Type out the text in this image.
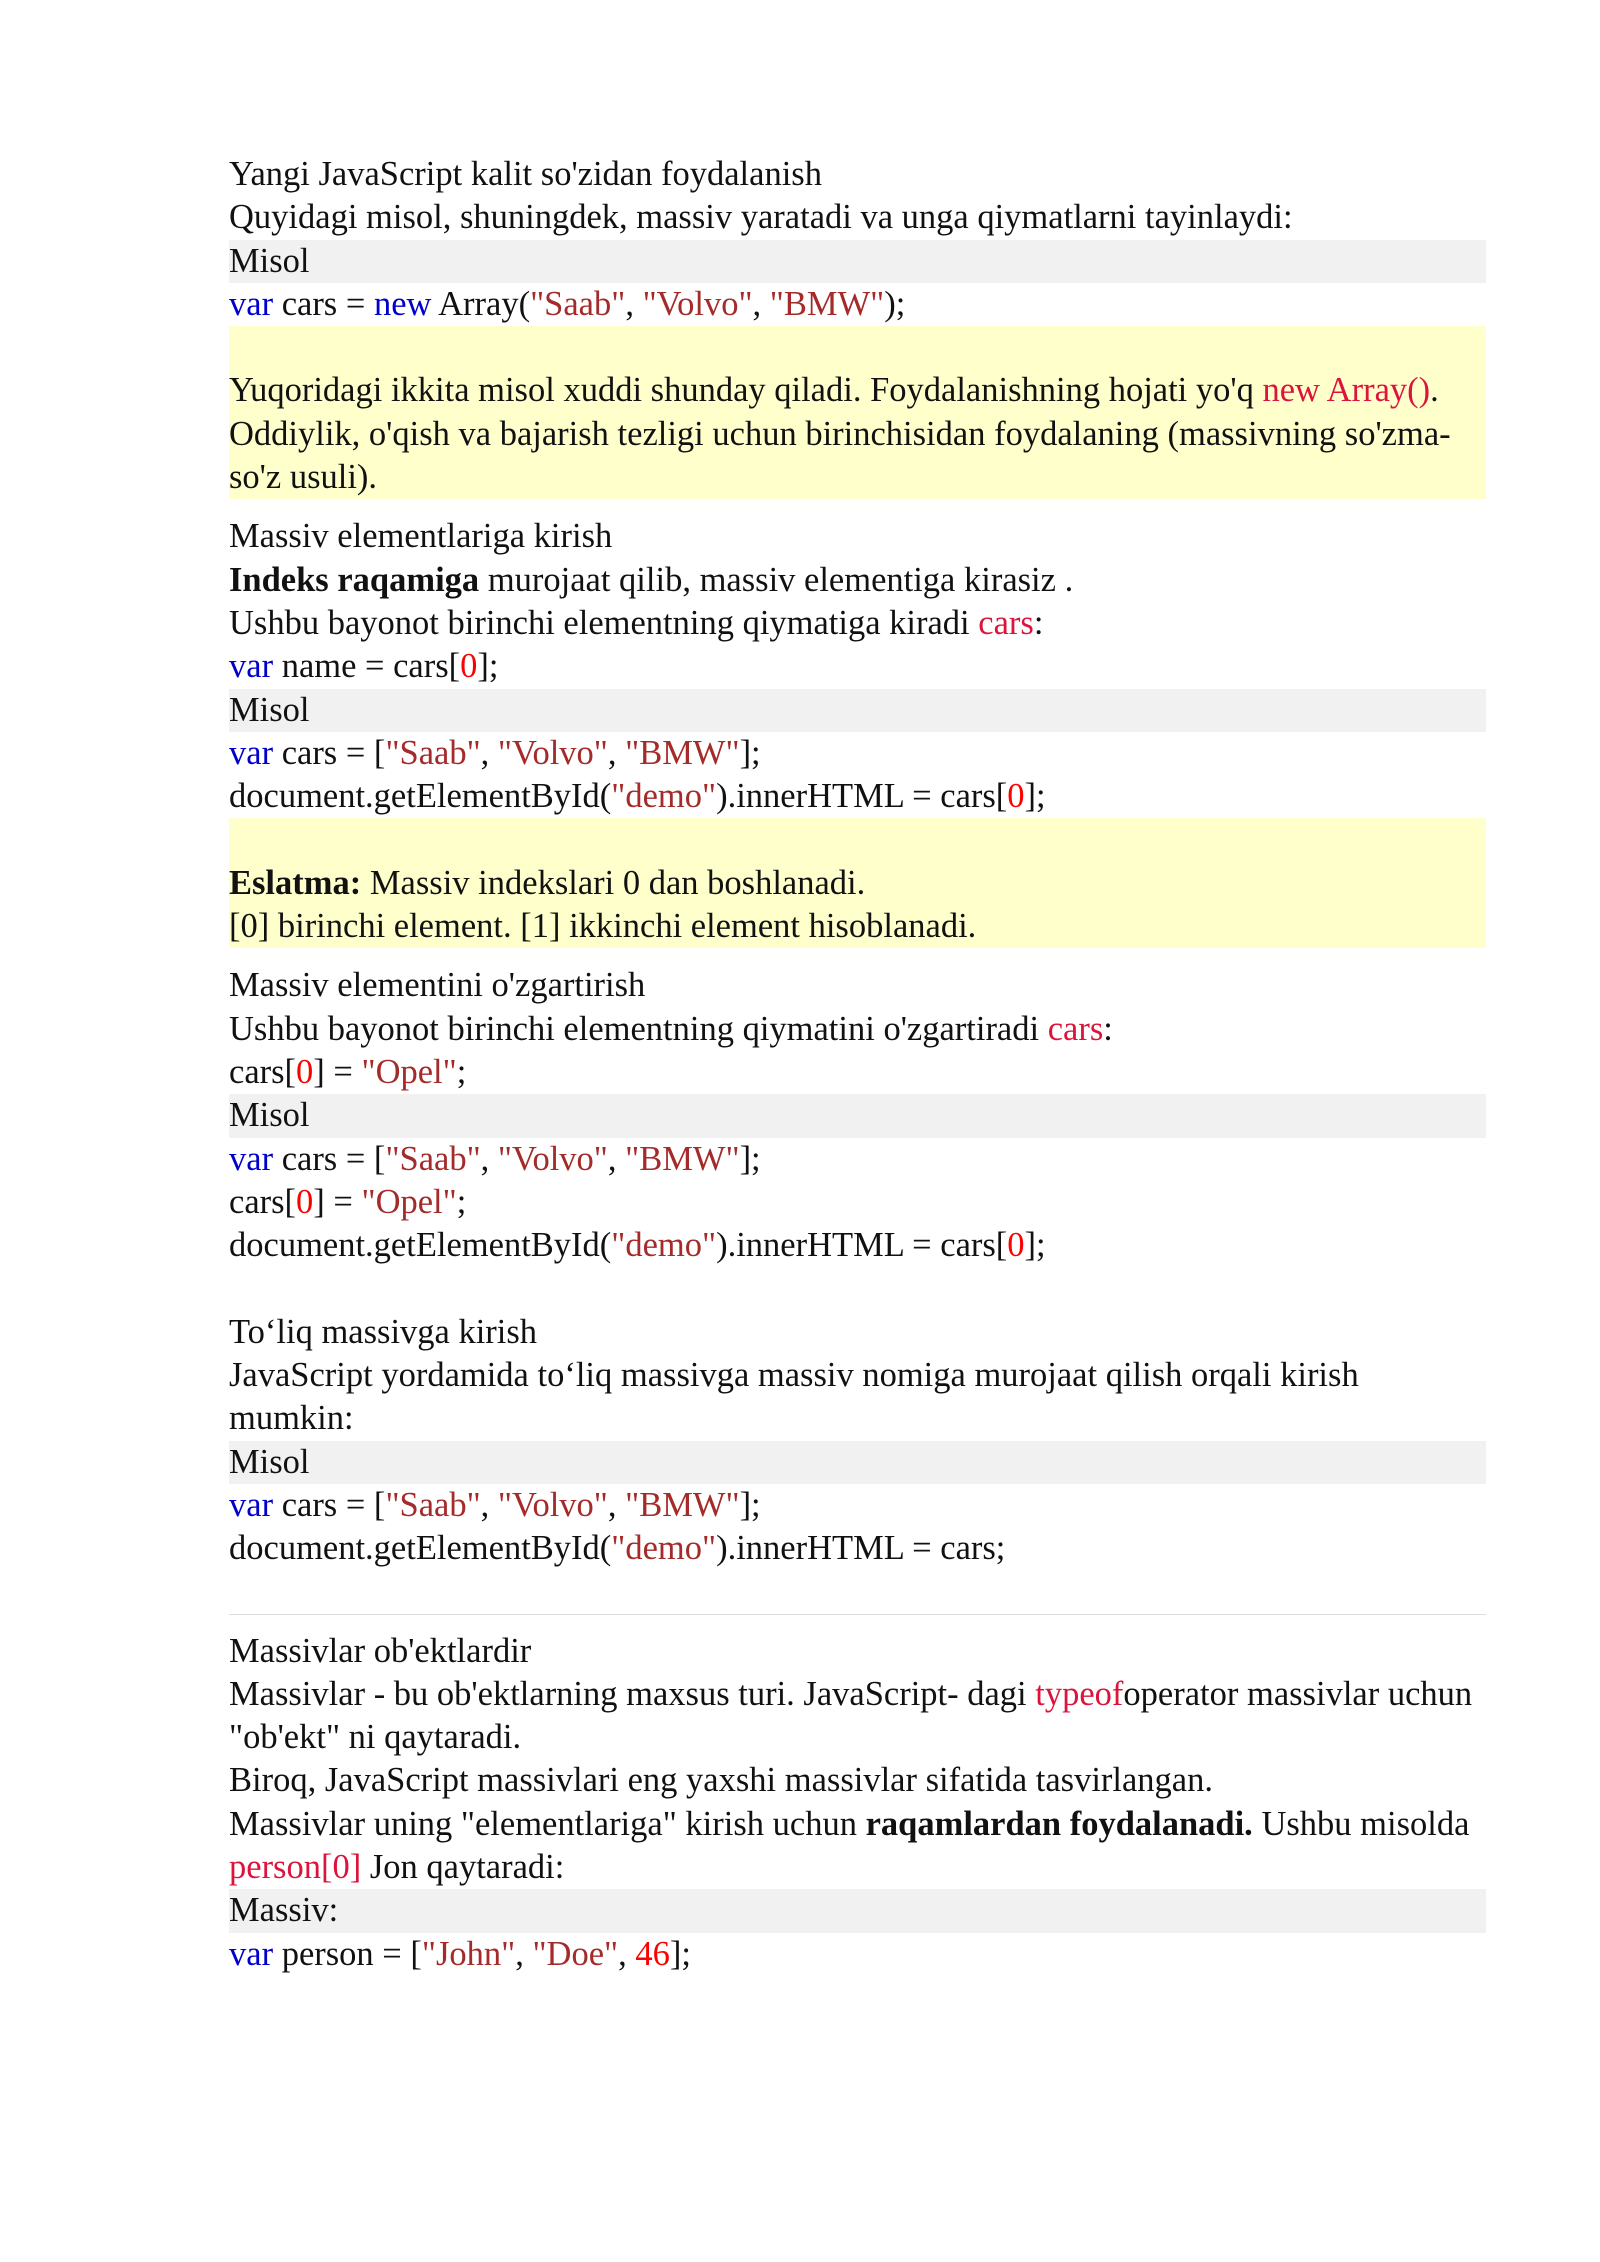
Yangi JavaScript kalit so'zidan foydalanish
Quyidagi misol, shuningdek, massiv yaratadi va unga qiymatlarni tayinlaydi:
Misol
var cars = new Array("Saab", "Volvo", "BMW");
Yuqoridagi ikkita misol xuddi shunday qiladi. Foydalanishning hojati yo'q new Array().
Oddiylik, o'qish va bajarish tezligi uchun birinchisidan foydalaning (massivning so'zma-so'z usuli).
Massiv elementlariga kirish
Indeks raqamiga murojaat qilib, massiv elementiga kirasiz .
Ushbu bayonot birinchi elementning qiymatiga kiradi cars:
var name = cars[0];
Misol
var cars = ["Saab", "Volvo", "BMW"];
document.getElementById("demo").innerHTML = cars[0];
Eslatma: Massiv indekslari 0 dan boshlanadi.
[0] birinchi element. [1] ikkinchi element hisoblanadi.
Massiv elementini o'zgartirish
Ushbu bayonot birinchi elementning qiymatini o'zgartiradi cars:
cars[0] = "Opel";
Misol
var cars = ["Saab", "Volvo", "BMW"];
cars[0] = "Opel";
document.getElementById("demo").innerHTML = cars[0];
To‘liq massivga kirish
JavaScript yordamida to‘liq massivga massiv nomiga murojaat qilish orqali kirish mumkin:
Misol
var cars = ["Saab", "Volvo", "BMW"];
document.getElementById("demo").innerHTML = cars;
Massivlar ob'ektlardir
Massivlar - bu ob'ektlarning maxsus turi. JavaScript- dagi typeofoperator massivlar uchun "ob'ekt" ni qaytaradi.
Biroq, JavaScript massivlari eng yaxshi massivlar sifatida tasvirlangan.
Massivlar uning "elementlariga" kirish uchun raqamlardan foydalanadi. Ushbu misolda person[0] Jon qaytaradi:
Massiv:
var person = ["John", "Doe", 46];
